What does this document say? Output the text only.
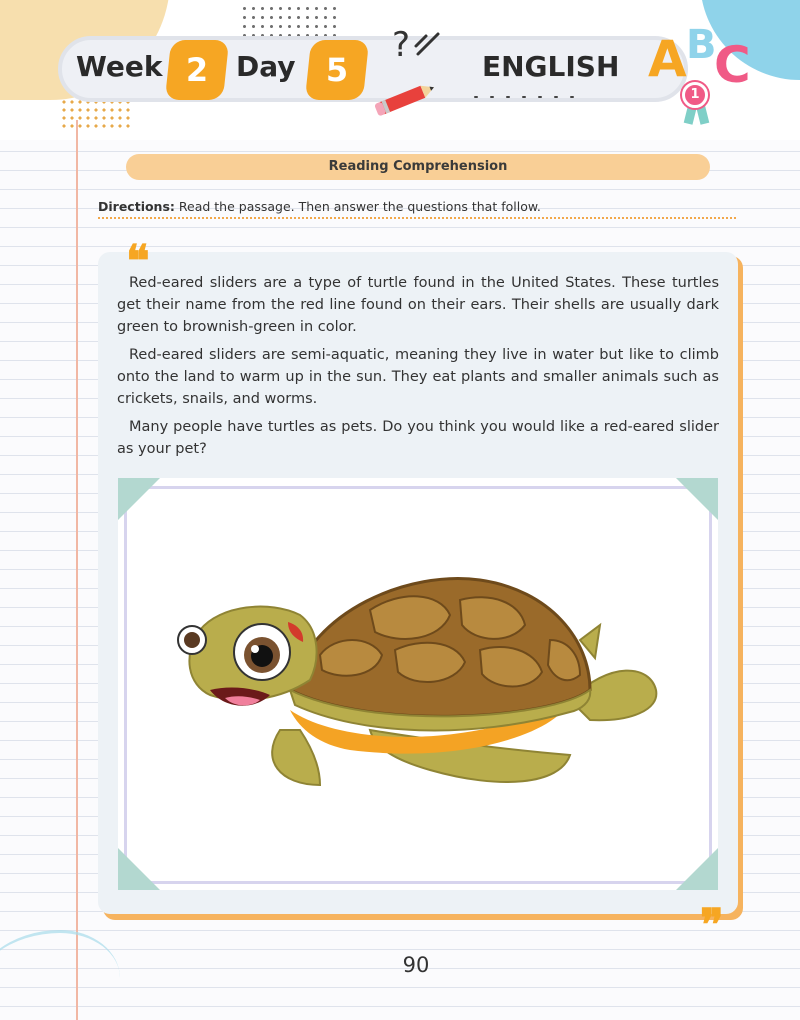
Week 2 Day 5
?
ENGLISH A B
C
1
Reading Comprehension
Directions: Read the passage. Then answer the questions that follow.
❝

Red-eared sliders are a type of turtle found in the United States. These turtles get their name from the red line found on their ears. Their shells are usually dark green to brownish-green in color.

Red-eared sliders are semi-aquatic, meaning they live in water but like to climb onto the land to warm up in the sun. They eat plants and smaller animals such as crickets, snails, and worms.

Many people have turtles as pets. Do you think you would like a red-eared slider as your pet?

❞
90
